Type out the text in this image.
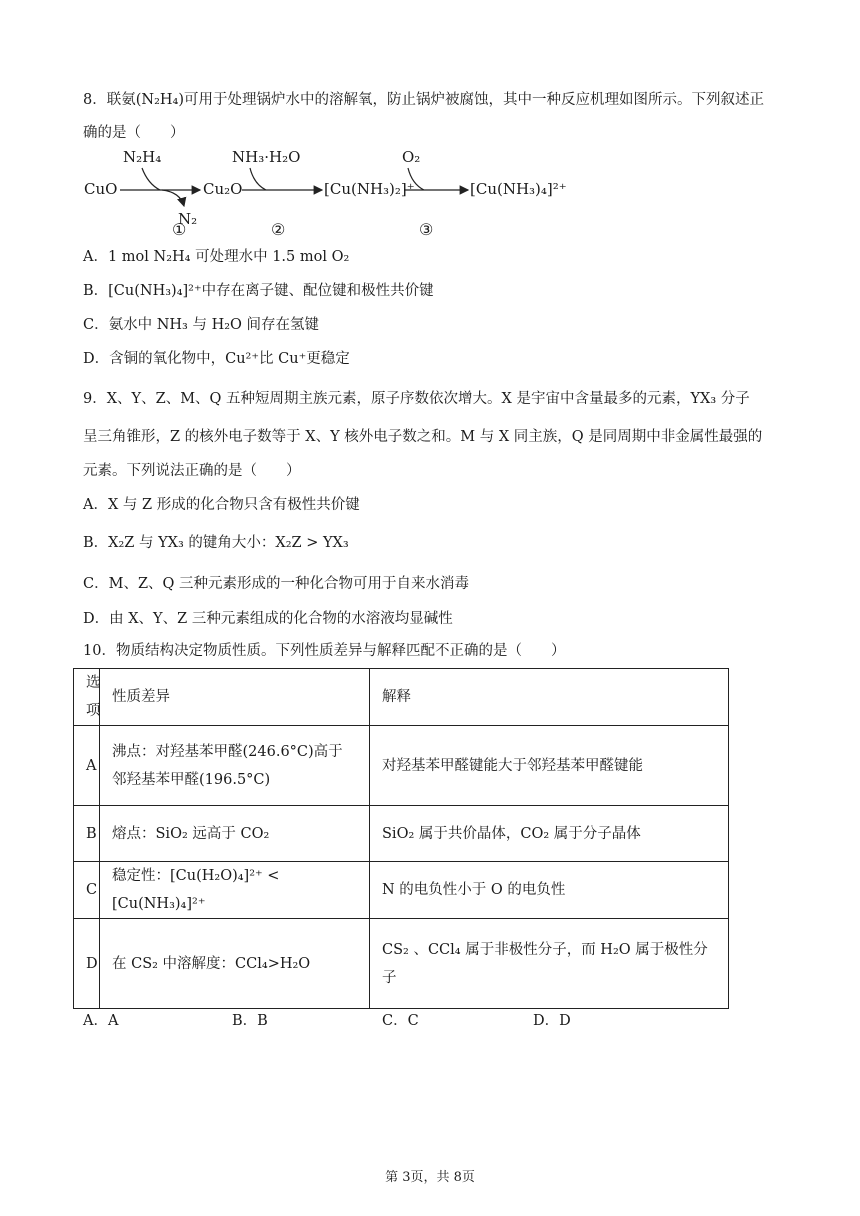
8．联氨(N₂H₄)可用于处理锅炉水中的溶解氧，防止锅炉被腐蚀，其中一种反应机理如图所示。下列叙述正
确的是（　　）
CuO	Cu₂O	[Cu(NH₃)₂]⁺	[Cu(NH₃)₄]²⁺
N₂H₄	NH₃·H₂O	O₂
N₂
①	②	③
A．1 mol N₂H₄ 可处理水中 1.5 mol O₂
B．[Cu(NH₃)₄]²⁺中存在离子键、配位键和极性共价键
C．氨水中 NH₃ 与 H₂O 间存在氢键
D．含铜的氧化物中，Cu²⁺比 Cu⁺更稳定
9．X、Y、Z、M、Q 五种短周期主族元素，原子序数依次增大。X 是宇宙中含量最多的元素，YX₃ 分子
呈三角锥形，Z 的核外电子数等于 X、Y 核外电子数之和。M 与 X 同主族，Q 是同周期中非金属性最强的
元素。下列说法正确的是（　　）
A．X 与 Z 形成的化合物只含有极性共价键
B．X₂Z 与 YX₃ 的键角大小：X₂Z > YX₃
C．M、Z、Q 三种元素形成的一种化合物可用于自来水消毒
D．由 X、Y、Z 三种元素组成的化合物的水溶液均显碱性
10．物质结构决定物质性质。下列性质差异与解释匹配不正确的是（　　）
选项	性质差异	解释
A	沸点：对羟基苯甲醛(246.6°C)高于邻羟基苯甲醛(196.5°C)	对羟基苯甲醛键能大于邻羟基苯甲醛键能
B	熔点：SiO₂ 远高于 CO₂	SiO₂ 属于共价晶体，CO₂ 属于分子晶体
C	稳定性：[Cu(H₂O)₄]²⁺ < [Cu(NH₃)₄]²⁺	N 的电负性小于 O 的电负性
D	在 CS₂ 中溶解度：CCl₄>H₂O	CS₂ 、CCl₄ 属于非极性分子，而 H₂O 属于极性分子
A．A	B．B	C．C	D．D
第 3页，共 8页
